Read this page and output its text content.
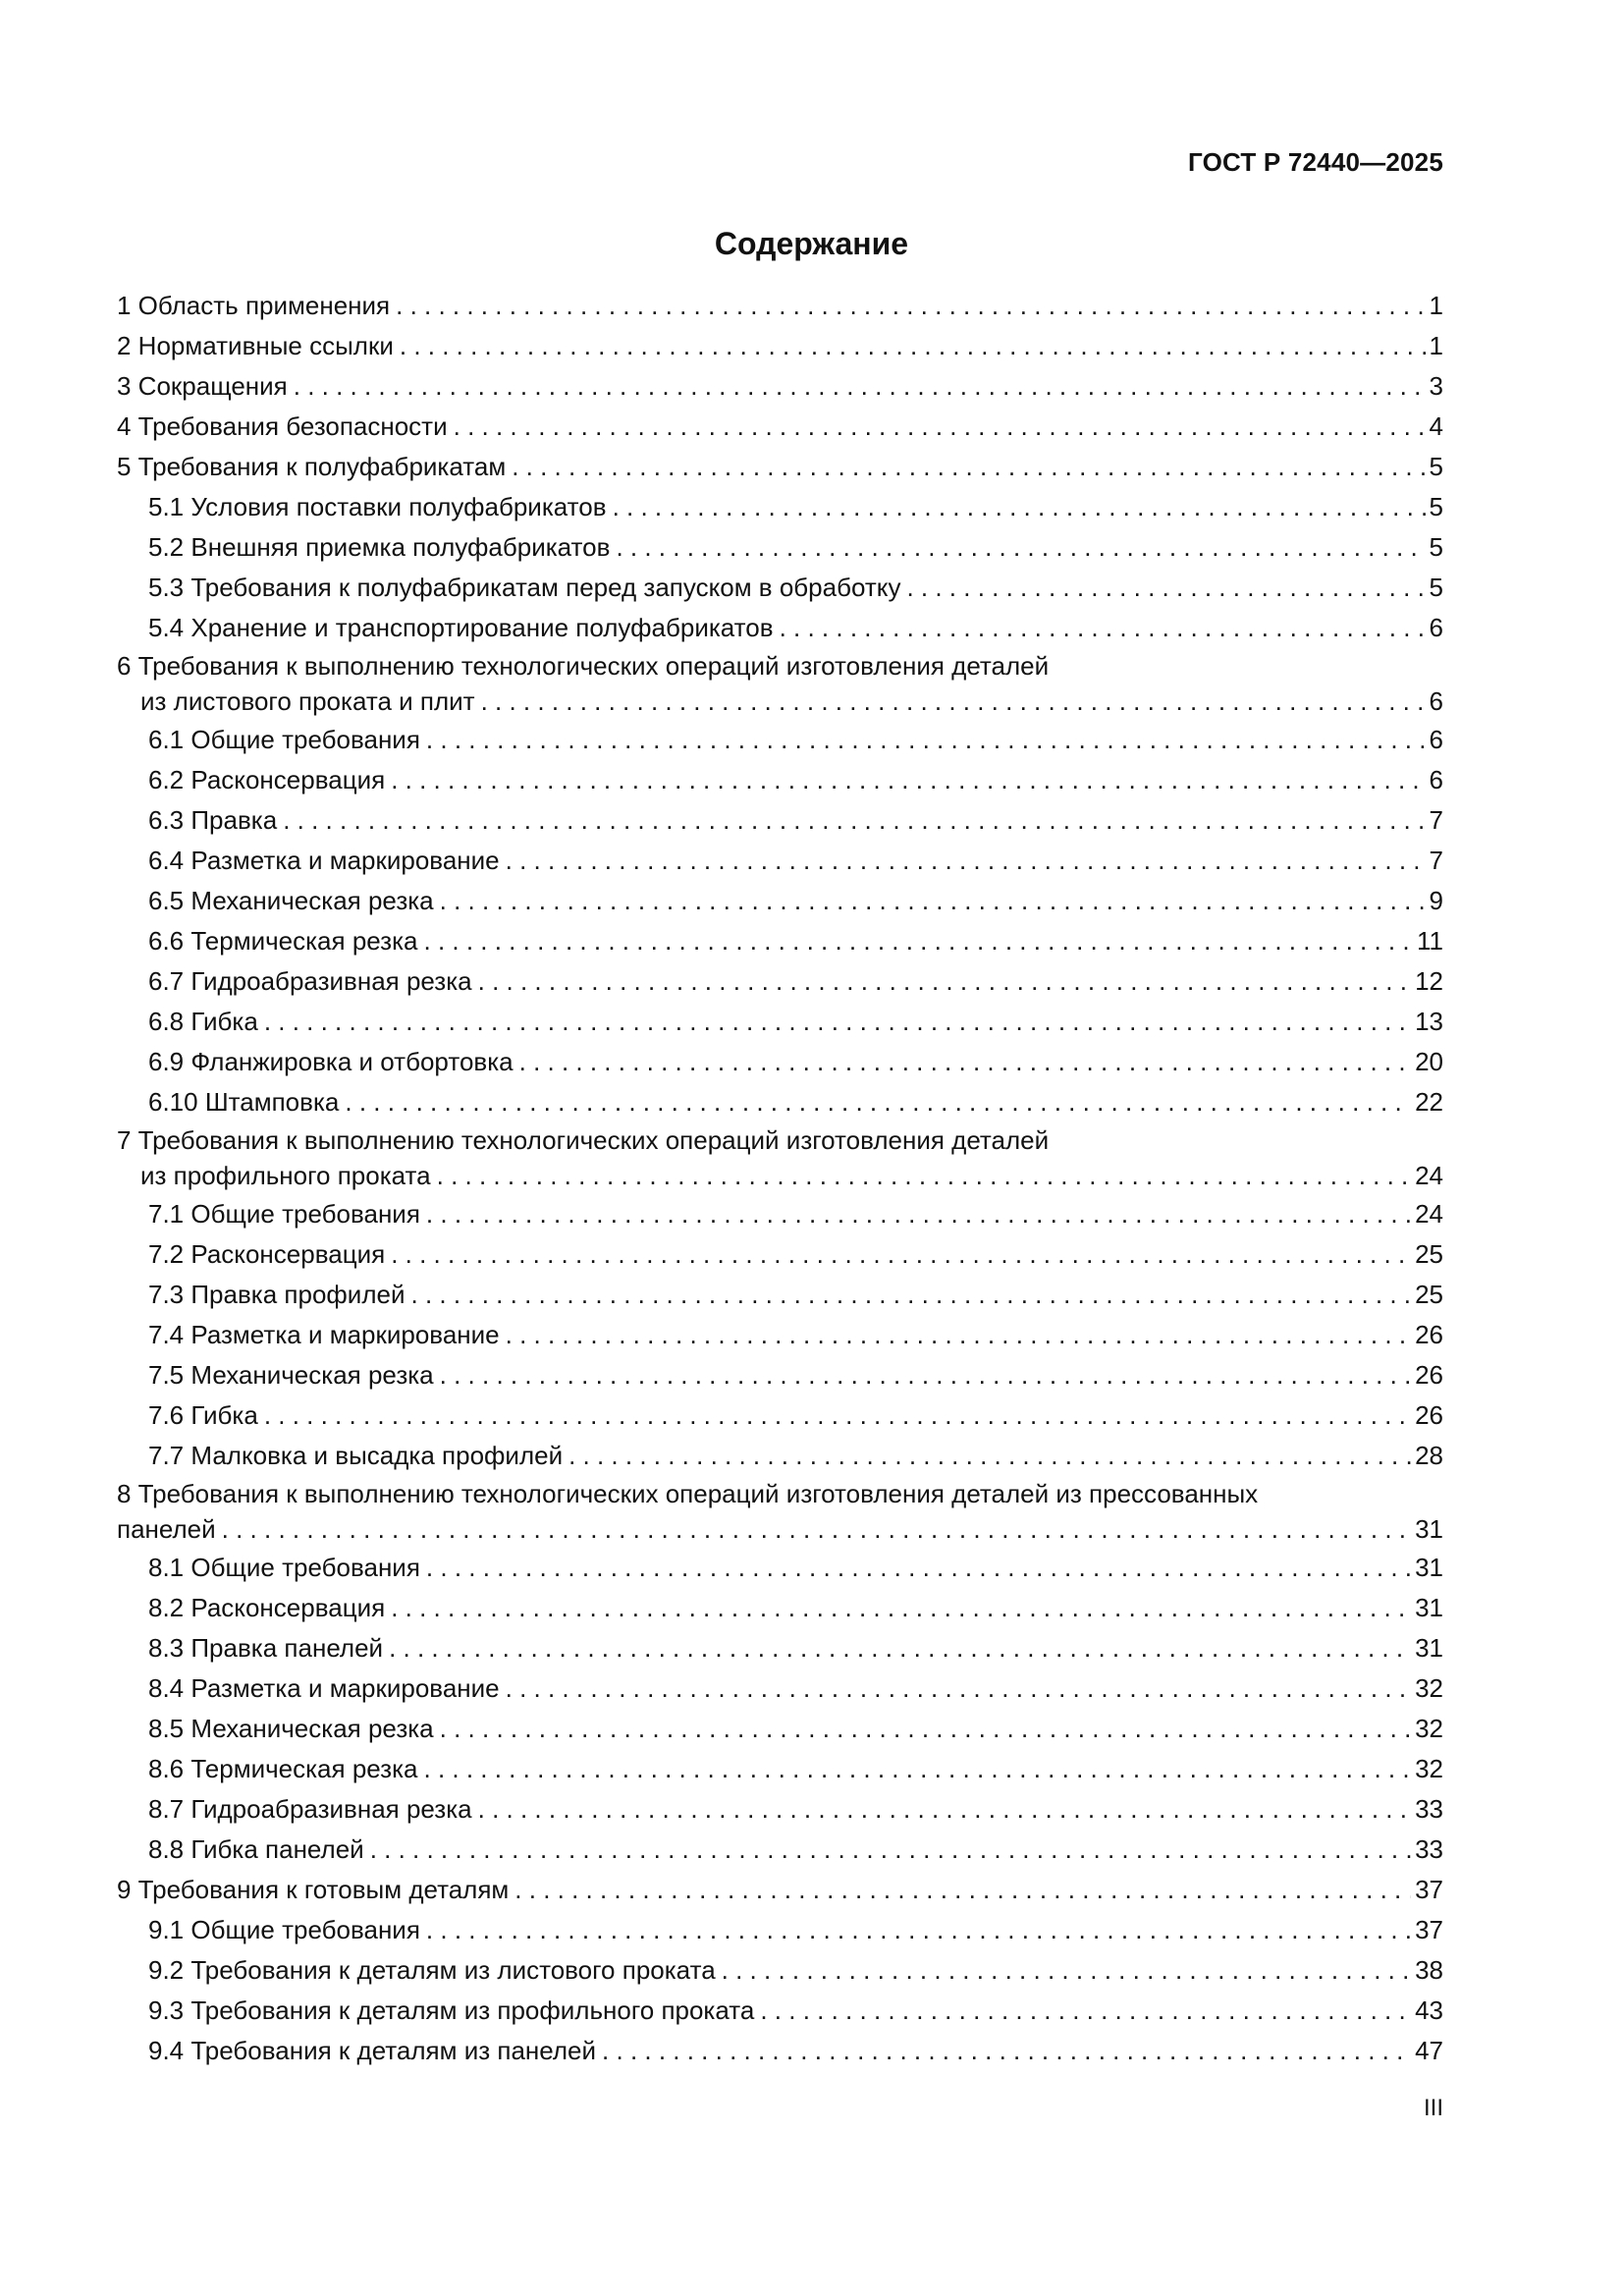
ГОСТ Р 72440—2025
Содержание
1 Область применения . . .	1
2 Нормативные ссылки . . .	1
3 Сокращения . . .	3
4 Требования безопасности . . .	4
5 Требования к полуфабрикатам . . .	5
5.1 Условия поставки полуфабрикатов . . .	5
5.2 Внешняя приемка полуфабрикатов . . .	5
5.3 Требования к полуфабрикатам перед запуском в обработку . . .	5
5.4 Хранение и транспортирование полуфабрикатов . . .	6
6 Требования к выполнению технологических операций изготовления деталей
из листового проката и плит . . .	6
6.1 Общие требования . . .	6
6.2 Расконсервация . . .	6
6.3 Правка . . .	7
6.4 Разметка и маркирование . . .	7
6.5 Механическая резка . . .	9
6.6 Термическая резка . . .	11
6.7 Гидроабразивная резка . . .	12
6.8 Гибка . . .	13
6.9 Фланжировка и отбортовка . . .	20
6.10 Штамповка . . .	22
7 Требования к выполнению технологических операций изготовления деталей
из профильного проката . . .	24
7.1 Общие требования . . .	24
7.2 Расконсервация . . .	25
7.3 Правка профилей . . .	25
7.4 Разметка и маркирование . . .	26
7.5 Механическая резка . . .	26
7.6 Гибка . . .	26
7.7 Малковка и высадка профилей . . .	28
8 Требования к выполнению технологических операций изготовления деталей из прессованных
панелей . . .	31
8.1 Общие требования . . .	31
8.2 Расконсервация . . .	31
8.3 Правка панелей . . .	31
8.4 Разметка и маркирование . . .	32
8.5 Механическая резка . . .	32
8.6 Термическая резка . . .	32
8.7 Гидроабразивная резка . . .	33
8.8 Гибка панелей . . .	33
9 Требования к готовым деталям . . .	37
9.1 Общие требования . . .	37
9.2 Требования к деталям из листового проката . . .	38
9.3 Требования к деталям из профильного проката . . .	43
9.4 Требования к деталям из панелей . . .	47
III
